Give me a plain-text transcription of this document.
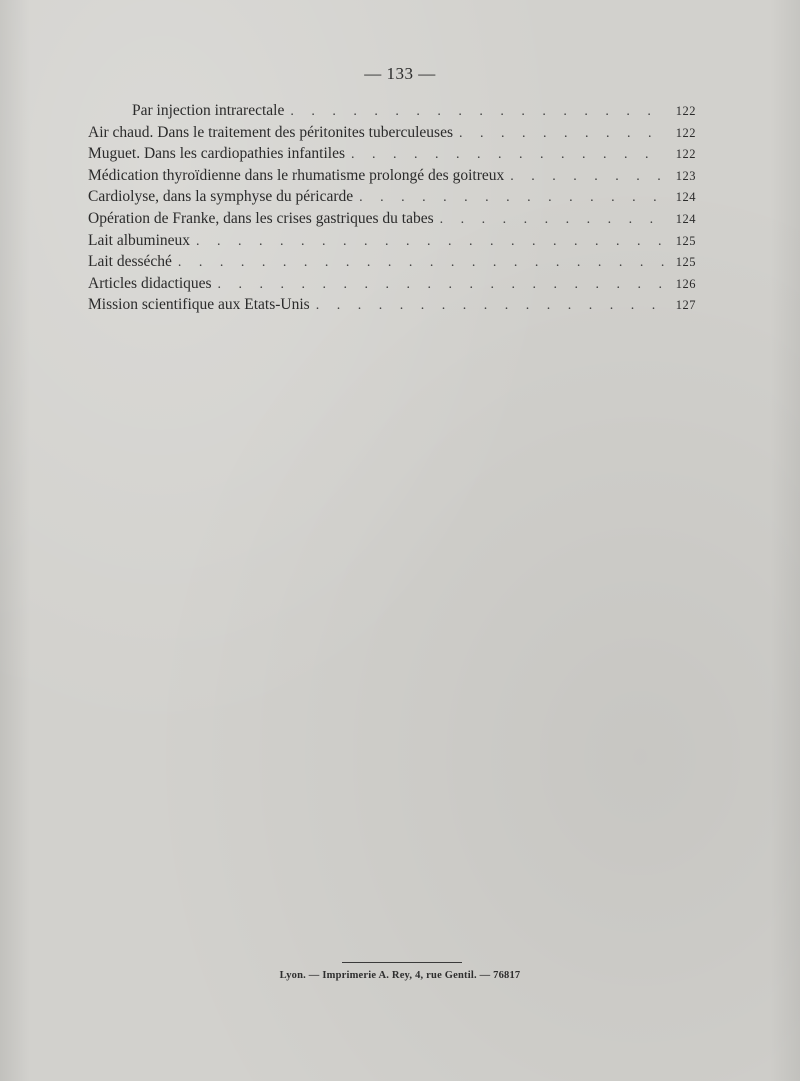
— 133 —
Par injection intrarectale . . .	122
Air chaud. Dans le traitement des péritonites tuberculeuses . . .	122
Muguet. Dans les cardiopathies infantiles . . .	122
Médication thyroïdienne dans le rhumatisme prolongé des goitreux . . .	123
Cardiolyse, dans la symphyse du péricarde . . .	124
Opération de Franke, dans les crises gastriques du tabes . . .	124
Lait albumineux . . .	125
Lait desséché . . .	125
Articles didactiques . . .	126
Mission scientifique aux Etats-Unis . . .	127
Lyon. — Imprimerie A. Rey, 4, rue Gentil. — 76817
